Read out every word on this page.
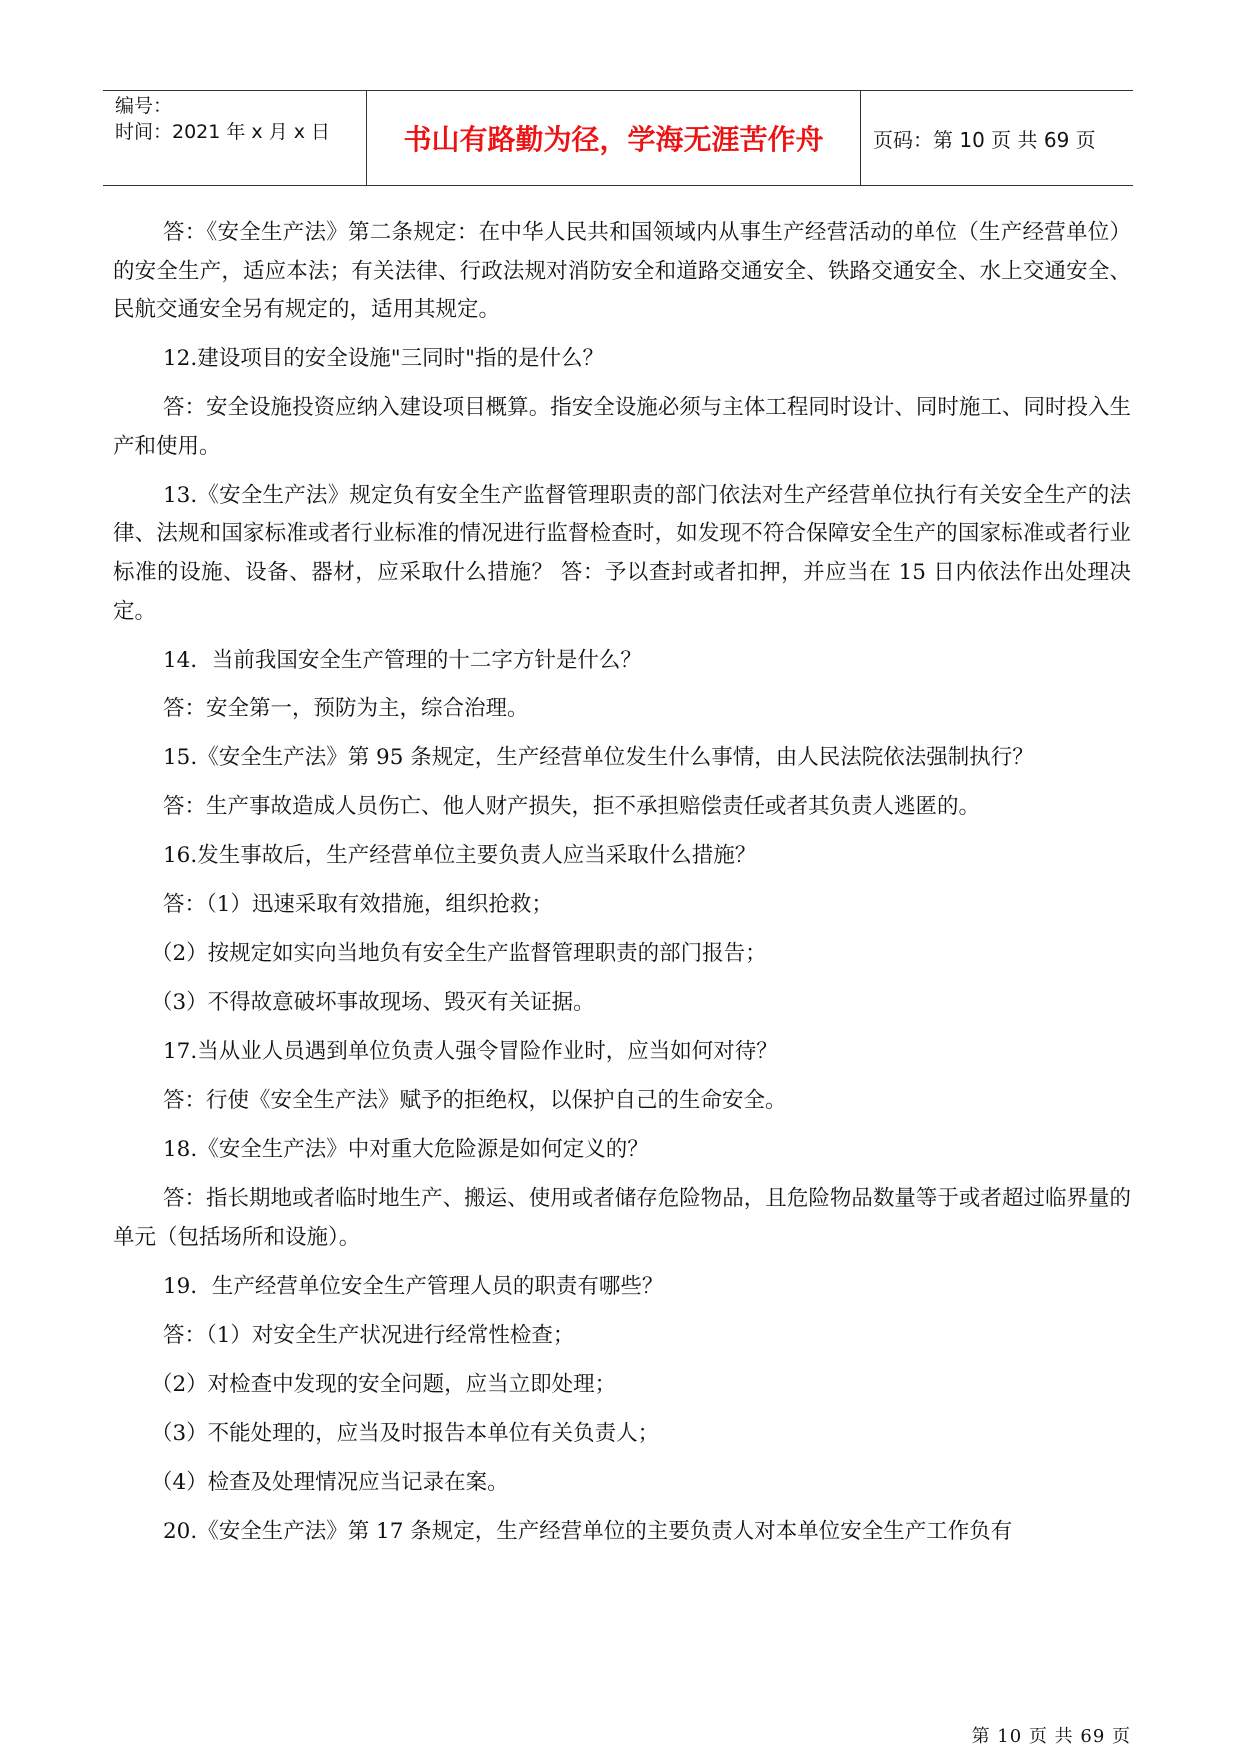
编号：
时间：2021 年 x 月 x 日	书山有路勤为径，学海无涯苦作舟	页码：第 10 页 共 69 页

答：《安全生产法》第二条规定：在中华人民共和国领域内从事生产经营活动的单位（生产经营单位）的安全生产，适应本法；有关法律、行政法规对消防安全和道路交通安全、铁路交通安全、水上交通安全、民航交通安全另有规定的，适用其规定。

12.建设项目的安全设施"三同时"指的是什么？

答：安全设施投资应纳入建设项目概算。指安全设施必须与主体工程同时设计、同时施工、同时投入生产和使用。

13.《安全生产法》规定负有安全生产监督管理职责的部门依法对生产经营单位执行有关安全生产的法律、法规和国家标准或者行业标准的情况进行监督检查时，如发现不符合保障安全生产的国家标准或者行业标准的设施、设备、器材，应采取什么措施？ 答：予以查封或者扣押，并应当在 15 日内依法作出处理决定。

14．当前我国安全生产管理的十二字方针是什么？

答：安全第一，预防为主，综合治理。

15.《安全生产法》第 95 条规定，生产经营单位发生什么事情，由人民法院依法强制执行？

答：生产事故造成人员伤亡、他人财产损失，拒不承担赔偿责任或者其负责人逃匿的。

16.发生事故后，生产经营单位主要负责人应当采取什么措施？

答：（1）迅速采取有效措施，组织抢救；

（2）按规定如实向当地负有安全生产监督管理职责的部门报告；

（3）不得故意破坏事故现场、毁灭有关证据。

17.当从业人员遇到单位负责人强令冒险作业时，应当如何对待？

答：行使《安全生产法》赋予的拒绝权，以保护自己的生命安全。

18.《安全生产法》中对重大危险源是如何定义的？

答：指长期地或者临时地生产、搬运、使用或者储存危险物品，且危险物品数量等于或者超过临界量的单元（包括场所和设施）。

19．生产经营单位安全生产管理人员的职责有哪些？

答：（1）对安全生产状况进行经常性检查；

（2）对检查中发现的安全问题，应当立即处理；

（3）不能处理的，应当及时报告本单位有关负责人；

（4）检查及处理情况应当记录在案。

20.《安全生产法》第 17 条规定，生产经营单位的主要负责人对本单位安全生产工作负有

第 10 页 共 69 页
